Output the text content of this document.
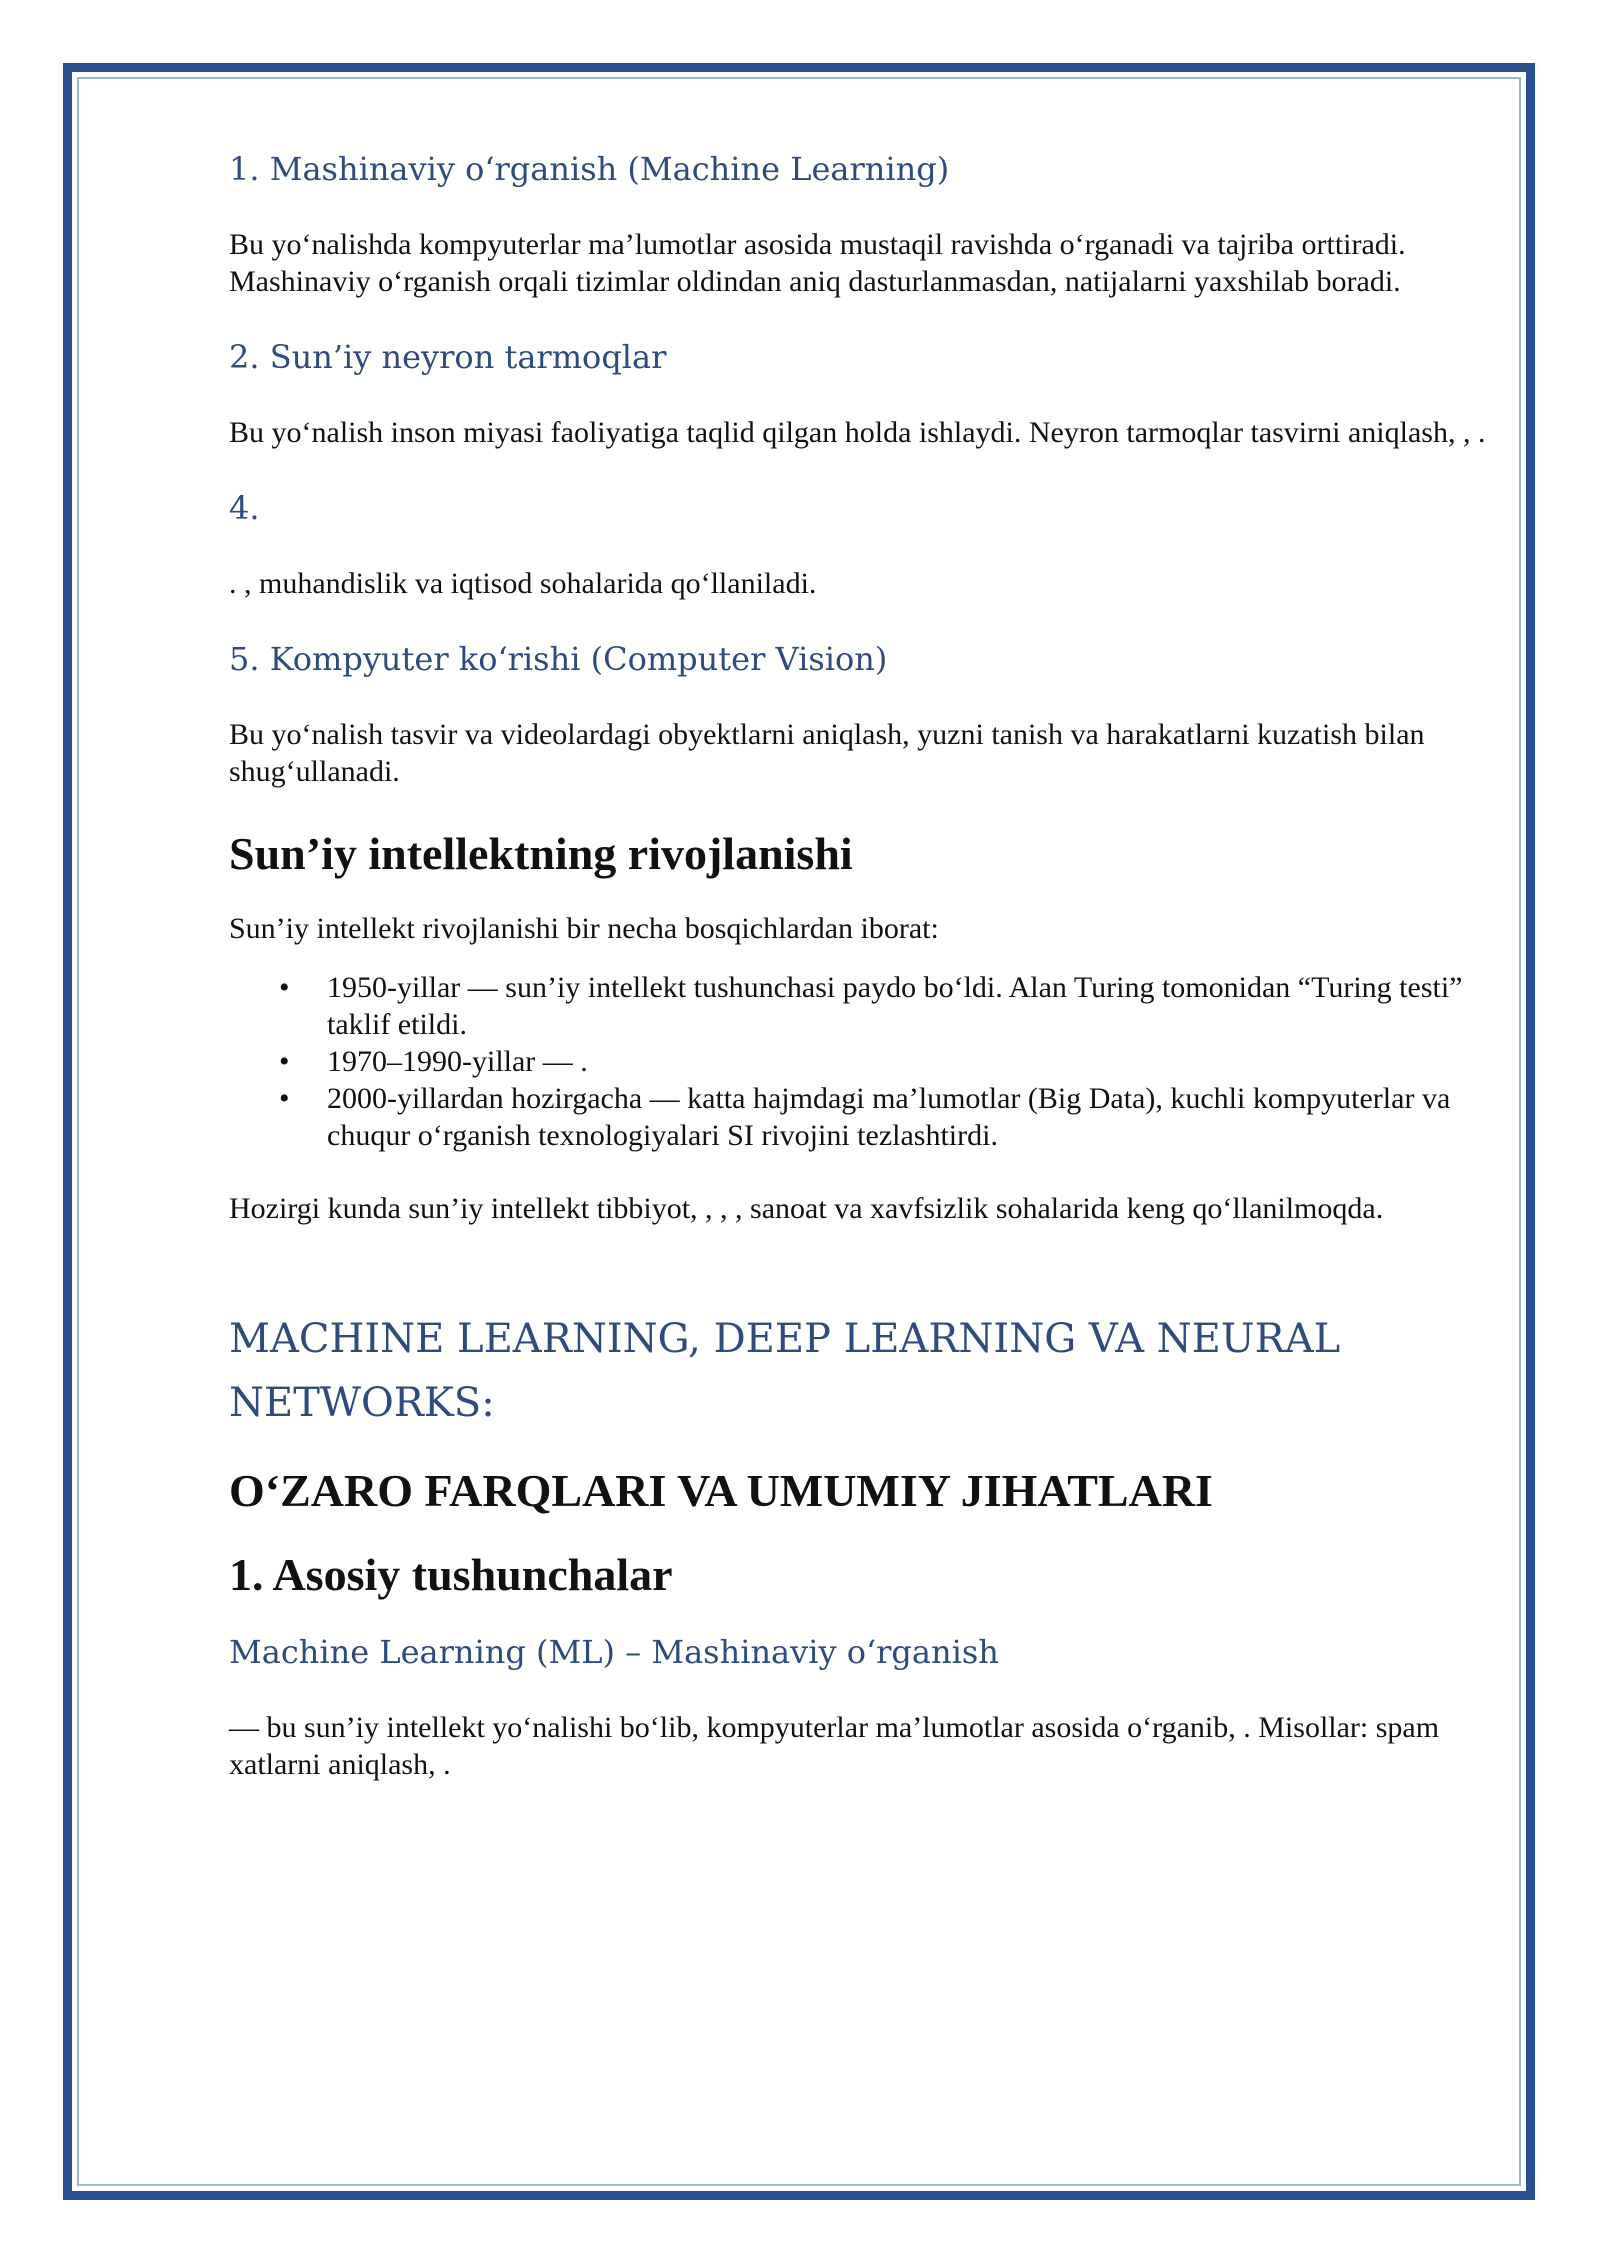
1. Mashinaviy o‘rganish (Machine Learning)

Bu yo‘nalishda kompyuterlar ma’lumotlar asosida mustaqil ravishda o‘rganadi va tajriba orttiradi. Mashinaviy o‘rganish orqali tizimlar oldindan aniq dasturlanmasdan, natijalarni yaxshilab boradi.

2. Sun’iy neyron tarmoqlar

Bu yo‘nalish inson miyasi faoliyatiga taqlid qilgan holda ishlaydi. Neyron tarmoqlar tasvirni aniqlash, , .

4.

. , muhandislik va iqtisod sohalarida qo‘llaniladi.

5. Kompyuter ko‘rishi (Computer Vision)

Bu yo‘nalish tasvir va videolardagi obyektlarni aniqlash, yuzni tanish va harakatlarni kuzatish bilan shug‘ullanadi.

Sun’iy intellektning rivojlanishi

Sun’iy intellekt rivojlanishi bir necha bosqichlardan iborat:

• 1950-yillar — sun’iy intellekt tushunchasi paydo bo‘ldi. Alan Turing tomonidan “Turing testi” taklif etildi.
• 1970–1990-yillar — .
• 2000-yillardan hozirgacha — katta hajmdagi ma’lumotlar (Big Data), kuchli kompyuterlar va chuqur o‘rganish texnologiyalari SI rivojini tezlashtirdi.

Hozirgi kunda sun’iy intellekt tibbiyot, , , , sanoat va xavfsizlik sohalarida keng qo‘llanilmoqda.

MACHINE LEARNING, DEEP LEARNING VA NEURAL NETWORKS:
O‘ZARO FARQLARI VA UMUMIY JIHATLARI
1. Asosiy tushunchalar
Machine Learning (ML) – Mashinaviy o‘rganish

— bu sun’iy intellekt yo‘nalishi bo‘lib, kompyuterlar ma’lumotlar asosida o‘rganib, . Misollar: spam xatlarni aniqlash, .
